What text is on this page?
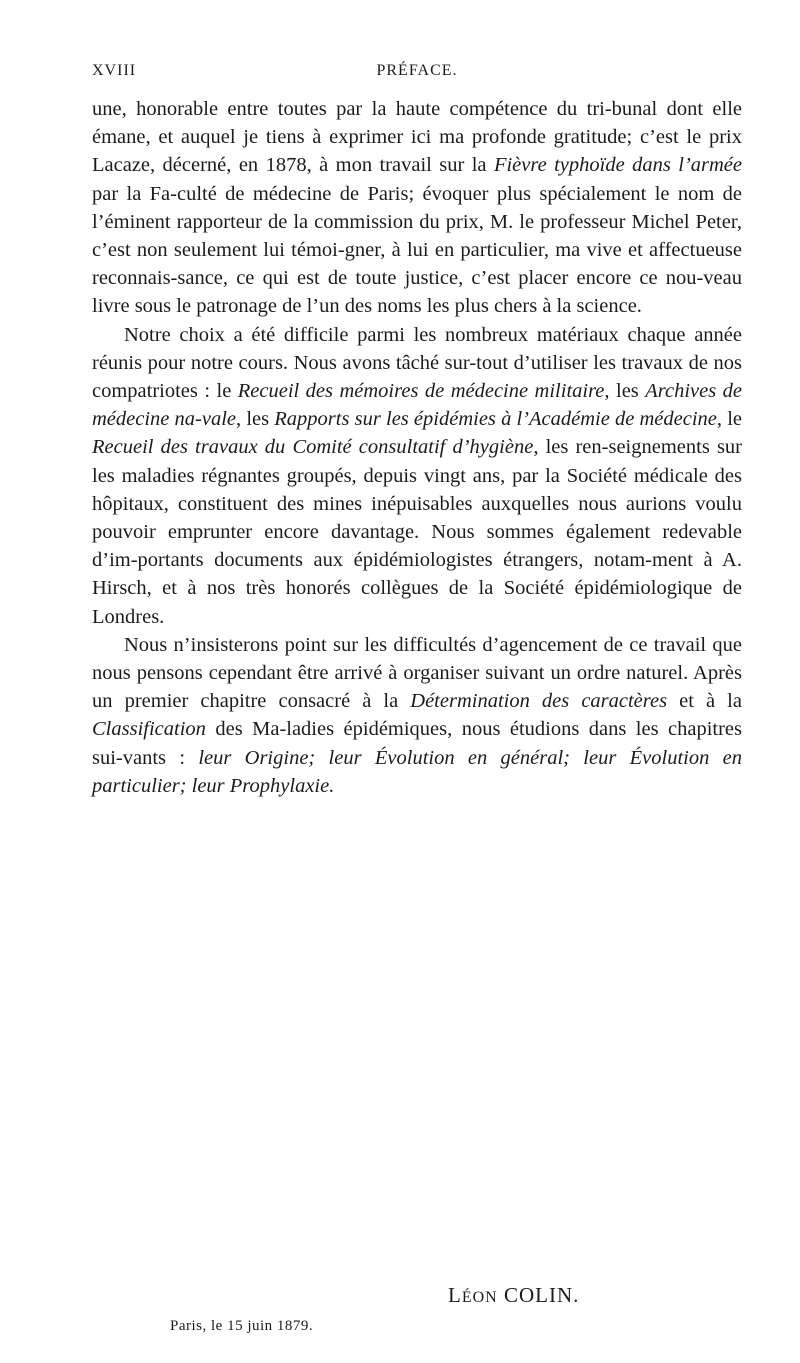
XVIII	PRÉFACE.

une, honorable entre toutes par la haute compétence du tri-bunal dont elle émane, et auquel je tiens à exprimer ici ma profonde gratitude; c’est le prix Lacaze, décerné, en 1878, à mon travail sur la Fièvre typhoïde dans l’armée par la Fa-culté de médecine de Paris; évoquer plus spécialement le nom de l’éminent rapporteur de la commission du prix, M. le professeur Michel Peter, c’est non seulement lui témoi-gner, à lui en particulier, ma vive et affectueuse reconnais-sance, ce qui est de toute justice, c’est placer encore ce nou-veau livre sous le patronage de l’un des noms les plus chers à la science.

Notre choix a été difficile parmi les nombreux matériaux chaque année réunis pour notre cours. Nous avons tâché sur-tout d’utiliser les travaux de nos compatriotes : le Recueil des mémoires de médecine militaire, les Archives de médecine na-vale, les Rapports sur les épidémies à l’Académie de médecine, le Recueil des travaux du Comité consultatif d’hygiène, les ren-seignements sur les maladies régnantes groupés, depuis vingt ans, par la Société médicale des hôpitaux, constituent des mines inépuisables auxquelles nous aurions voulu pouvoir emprunter encore davantage. Nous sommes également redevable d’im-portants documents aux épidémiologistes étrangers, notam-ment à A. Hirsch, et à nos très honorés collègues de la Société épidémiologique de Londres.

Nous n’insisterons point sur les difficultés d’agencement de ce travail que nous pensons cependant être arrivé à organiser suivant un ordre naturel. Après un premier chapitre consacré à la Détermination des caractères et à la Classification des Ma-ladies épidémiques, nous étudions dans les chapitres sui-vants : leur Origine; leur Évolution en général; leur Évolution en particulier; leur Prophylaxie.

LÉON COLIN.
Paris, le 15 juin 1879.
